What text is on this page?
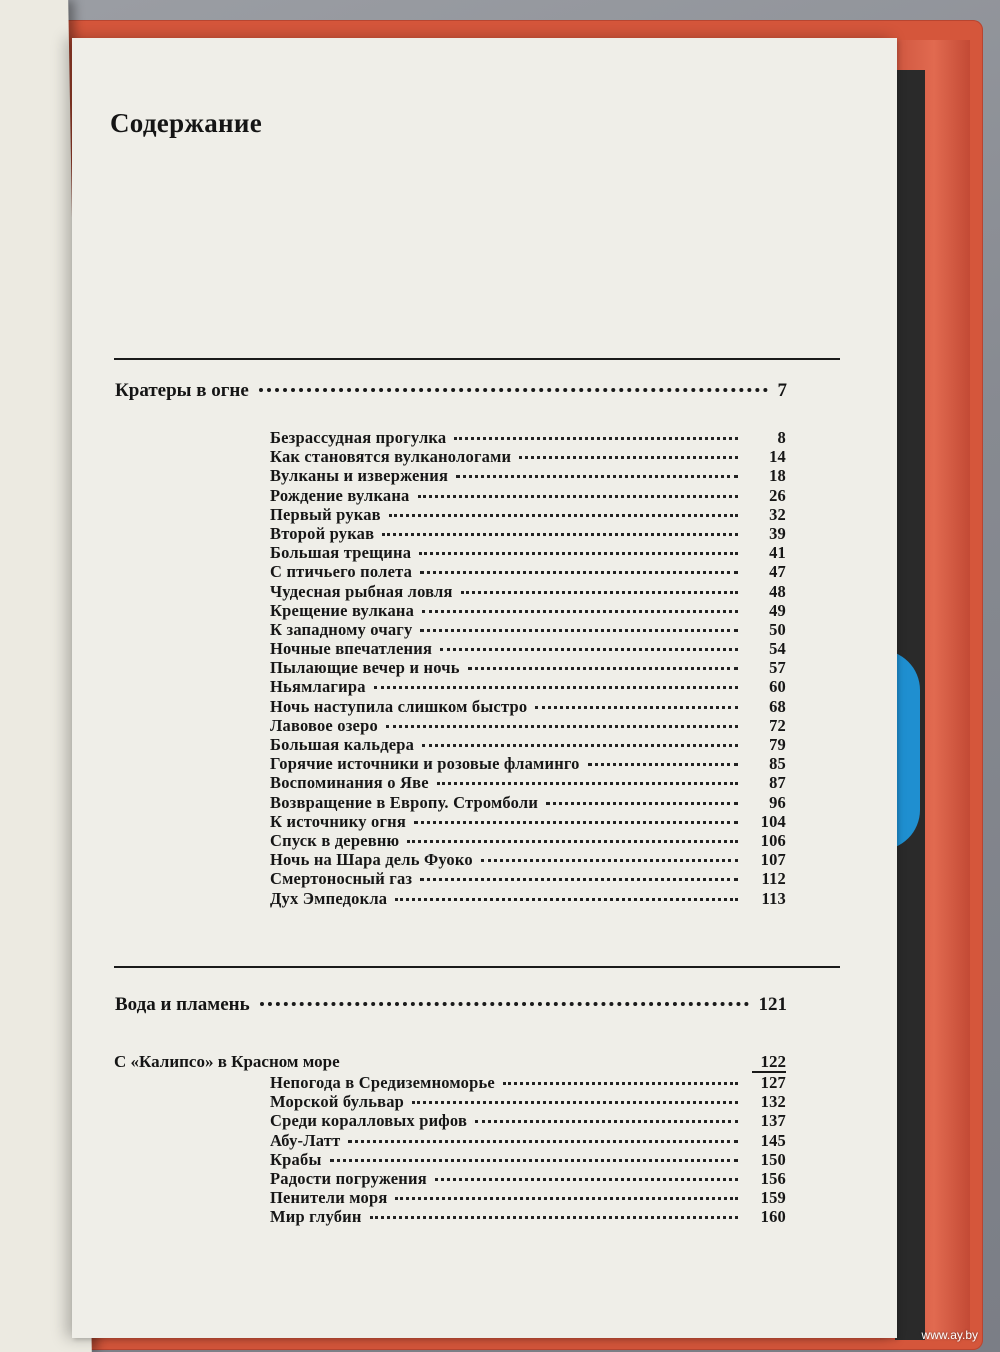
Содержание
Кратеры в огне	7
Безрассудная прогулка	8
Как становятся вулканологами	14
Вулканы и извержения	18
Рождение вулкана	26
Первый рукав	32
Второй рукав	39
Большая трещина	41
С птичьего полета	47
Чудесная рыбная ловля	48
Крещение вулкана	49
К западному очагу	50
Ночные впечатления	54
Пылающие вечер и ночь	57
Ньямлагира	60
Ночь наступила слишком быстро	68
Лавовое озеро	72
Большая кальдера	79
Горячие источники и розовые фламинго	85
Воспоминания о Яве	87
Возвращение в Европу. Стромболи	96
К источнику огня	104
Спуск в деревню	106
Ночь на Шара дель Фуоко	107
Смертоносный газ	112
Дух Эмпедокла	113
Вода и пламень	121
С «Калипсо» в Красном море	122
Непогода в Средиземноморье	127
Морской бульвар	132
Среди коралловых рифов	137
Абу-Латт	145
Крабы	150
Радости погружения	156
Пенители моря	159
Мир глубин	160
www.ay.by
